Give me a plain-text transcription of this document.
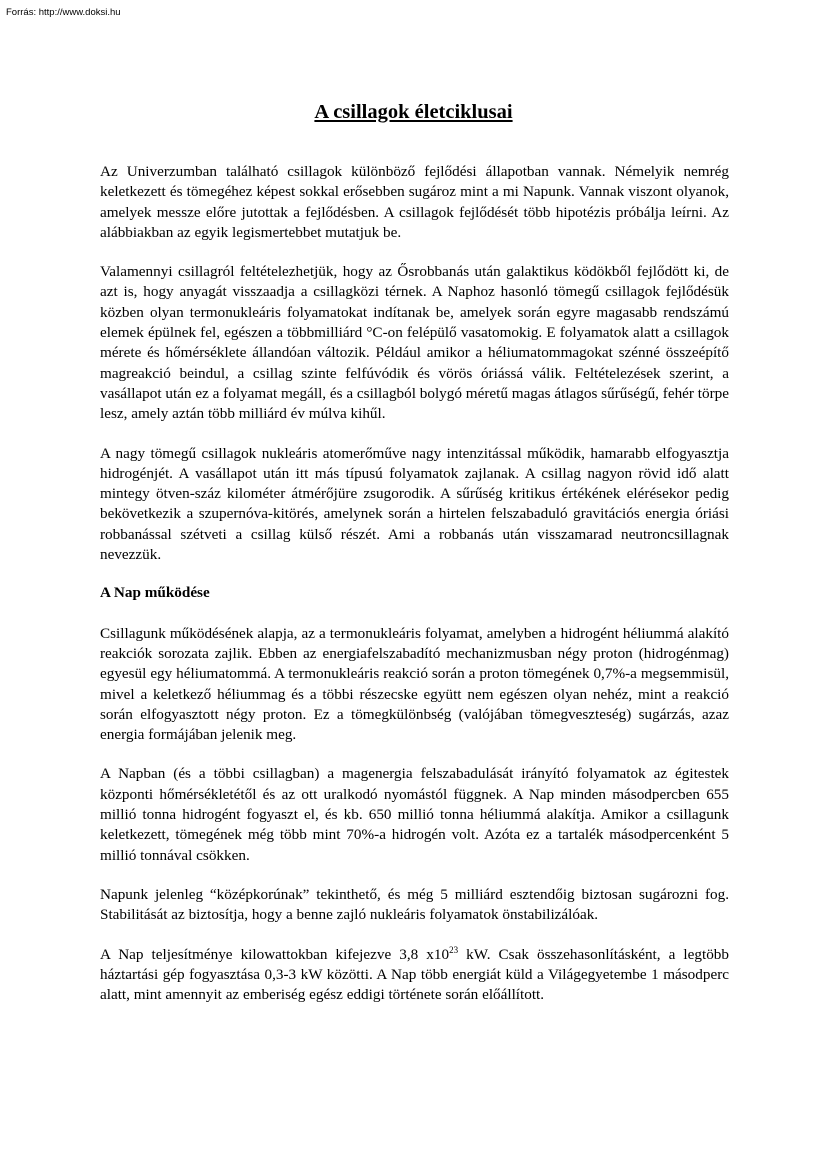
Forrás: http://www.doksi.hu
A csillagok életciklusai

Az Univerzumban található csillagok különböző fejlődési állapotban vannak. Némelyik nemrég keletkezett és tömegéhez képest sokkal erősebben sugároz mint a mi Napunk. Vannak viszont olyanok, amelyek messze előre jutottak a fejlődésben. A csillagok fejlődését több hipotézis próbálja leírni. Az alábbiakban az egyik legismertebbet mutatjuk be.

Valamennyi csillagról feltételezhetjük, hogy az Ősrobbanás után galaktikus ködökből fejlődött ki, de azt is, hogy anyagát visszaadja a csillagközi térnek. A Naphoz hasonló tömegű csillagok fejlődésük közben olyan termonukleáris folyamatokat indítanak be, amelyek során egyre magasabb rendszámú elemek épülnek fel, egészen a többmilliárd °C-on felépülő vasatomokig. E folyamatok alatt a csillagok mérete és hőmérséklete állandóan változik. Például amikor a héliumatommagokat szénné összeépítő magreakció beindul, a csillag szinte felfúvódik és vörös óriássá válik. Feltételezések szerint, a vasállapot után ez a folyamat megáll, és a csillagból bolygó méretű magas átlagos sűrűségű, fehér törpe lesz, amely aztán több milliárd év múlva kihűl.

A nagy tömegű csillagok nukleáris atomerőműve nagy intenzitással működik, hamarabb elfogyasztja hidrogénjét. A vasállapot után itt más típusú folyamatok zajlanak. A csillag nagyon rövid idő alatt mintegy ötven-száz kilométer átmérőjüre zsugorodik. A sűrűség kritikus értékének elérésekor pedig bekövetkezik a szupernóva-kitörés, amelynek során a hirtelen felszabaduló gravitációs energia óriási robbanással szétveti a csillag külső részét. Ami a robbanás után visszamarad neutroncsillagnak nevezzük.

A Nap működése

Csillagunk működésének alapja, az a termonukleáris folyamat, amelyben a hidrogént héliummá alakító reakciók sorozata zajlik. Ebben az energiafelszabadító mechanizmusban négy proton (hidrogénmag) egyesül egy héliumatommá. A termonukleáris reakció során a proton tömegének 0,7%-a megsemmisül, mivel a keletkező héliummag és a többi részecske együtt nem egészen olyan nehéz, mint a reakció során elfogyasztott négy proton. Ez a tömegkülönbség (valójában tömegveszteség) sugárzás, azaz energia formájában jelenik meg.

A Napban (és a többi csillagban) a magenergia felszabadulását irányító folyamatok az égitestek központi hőmérsékletétől és az ott uralkodó nyomástól függnek. A Nap minden másodpercben 655 millió tonna hidrogént fogyaszt el, és kb. 650 millió tonna héliummá alakítja. Amikor a csillagunk keletkezett, tömegének még több mint 70%-a hidrogén volt. Azóta ez a tartalék másodpercenként 5 millió tonnával csökken.

Napunk jelenleg “középkorúnak” tekinthető, és még 5 milliárd esztendőig biztosan sugározni fog. Stabilitását az biztosítja, hogy a benne zajló nukleáris folyamatok önstabilizálóak.

A Nap teljesítménye kilowattokban kifejezve 3,8 $x10^{23}$ kW. Csak összehasonlításként, a legtöbb háztartási gép fogyasztása 0,3-3 kW közötti. A Nap több energiát küld a Világegyetembe 1 másodperc alatt, mint amennyit az emberiség egész eddigi története során előállított.
